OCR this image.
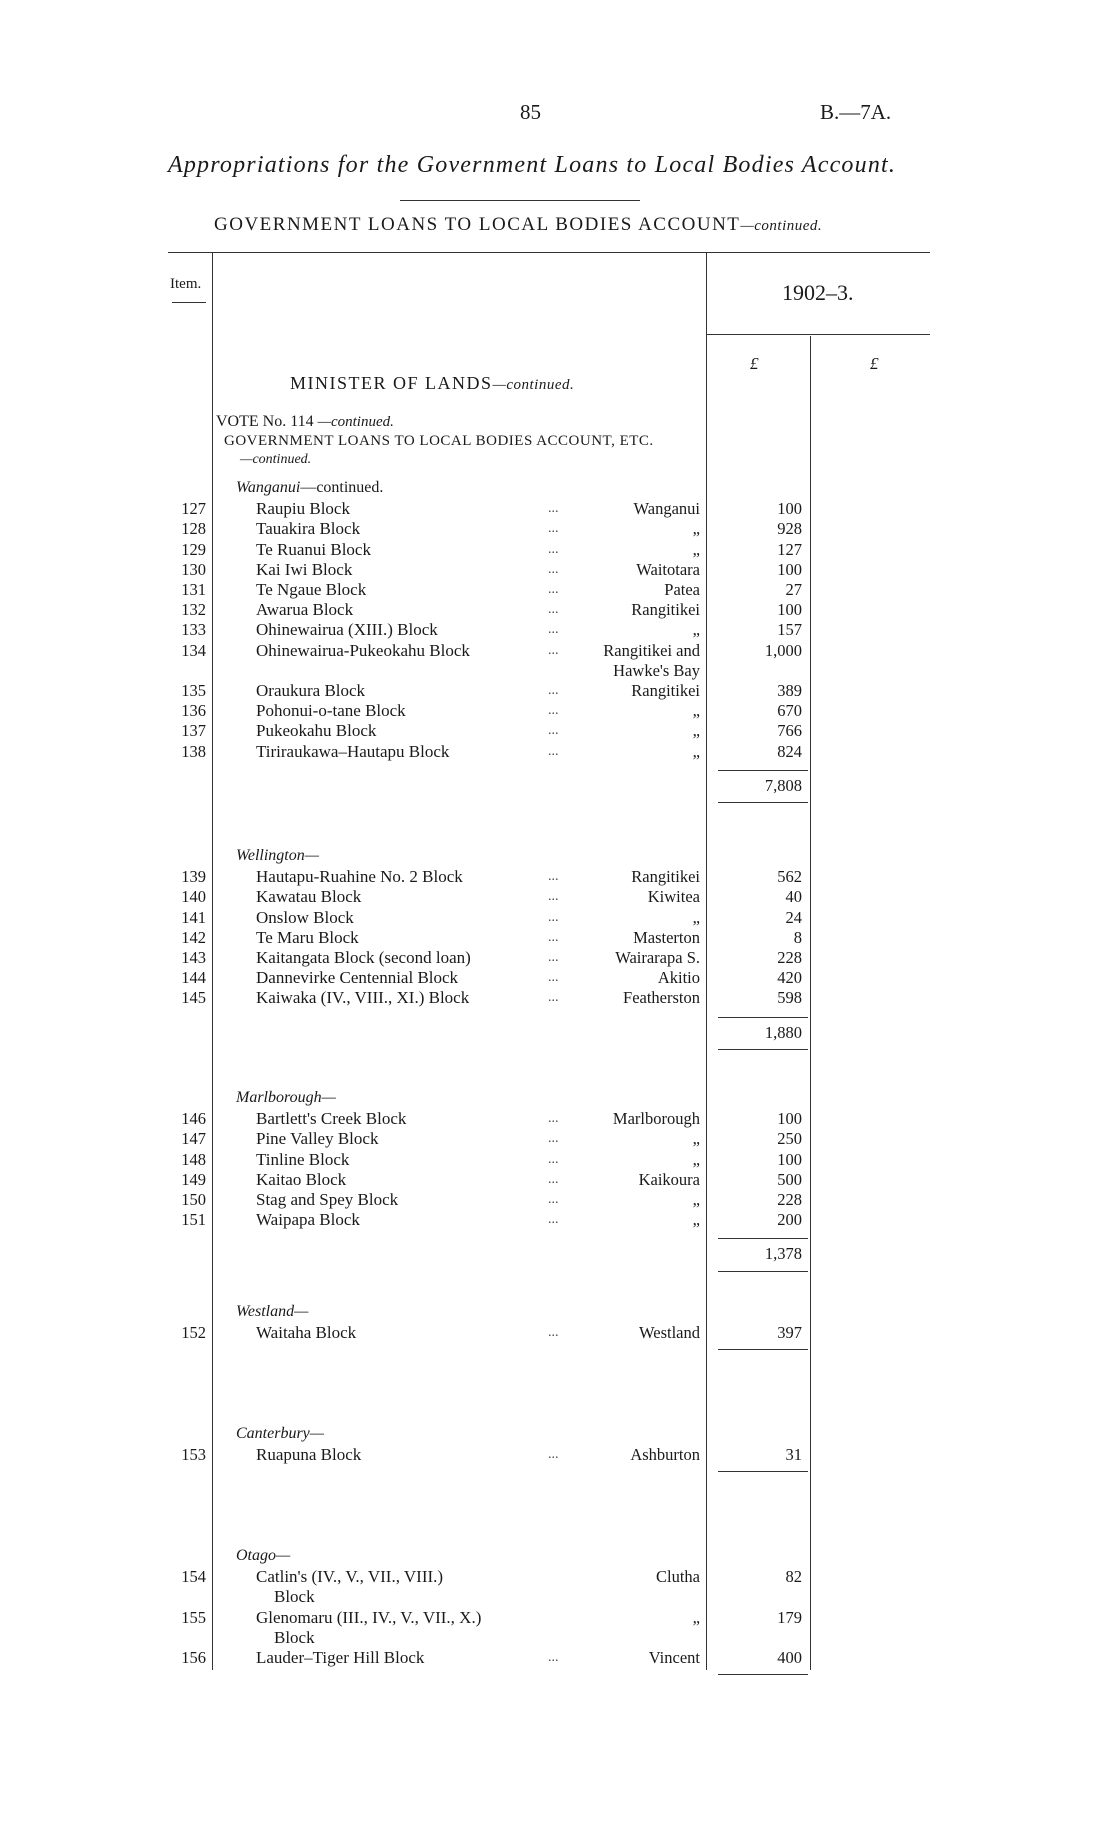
85	B.—7A.
Appropriations for the Government Loans to Local Bodies Account.
GOVERNMENT LOANS TO LOCAL BODIES ACCOUNT—continued.
Item.	1902–3.
£	£
MINISTER OF LANDS—continued.
VOTE No. 114 —continued.
GOVERNMENT LOANS TO LOCAL BODIES ACCOUNT, ETC.
—continued.
Wanganui—continued.
127	Raupiu Block	...	Wanganui	100
128	Tauakira Block	...	„	928
129	Te Ruanui Block	...	„	127
130	Kai Iwi Block	...	Waitotara	100
131	Te Ngaue Block	...	Patea	27
132	Awarua Block	...	Rangitikei	100
133	Ohinewairua (XIII.) Block	...	„	157
134	Ohinewairua-Pukeokahu Block	...	Rangitikei and	1,000
Hawke's Bay
135	Oraukura Block	...	Rangitikei	389
136	Pohonui-o-tane Block	...	„	670
137	Pukeokahu Block	...	„	766
138	Tiriraukawa–Hautapu Block	...	„	824
7,808
Wellington—
139	Hautapu-Ruahine No. 2 Block	...	Rangitikei	562
140	Kawatau Block	...	Kiwitea	40
141	Onslow Block	...	„	24
142	Te Maru Block	...	Masterton	8
143	Kaitangata Block (second loan)	...	Wairarapa S.	228
144	Dannevirke Centennial Block	...	Akitio	420
145	Kaiwaka (IV., VIII., XI.) Block	...	Featherston	598
1,880
Marlborough—
146	Bartlett's Creek Block	...	Marlborough	100
147	Pine Valley Block	...	„	250
148	Tinline Block	...	„	100
149	Kaitao Block	...	Kaikoura	500
150	Stag and Spey Block	...	„	228
151	Waipapa Block	...	„	200
1,378
Westland—
152	Waitaha Block	...	Westland	397
Canterbury—
153	Ruapuna Block	...	Ashburton	31
Otago—
154	Catlin's (IV., V., VII., VIII.)	Clutha	82
Block
155	Glenomaru (III., IV., V., VII., X.)	„	179
Block
156	Lauder–Tiger Hill Block	...	Vincent	400
